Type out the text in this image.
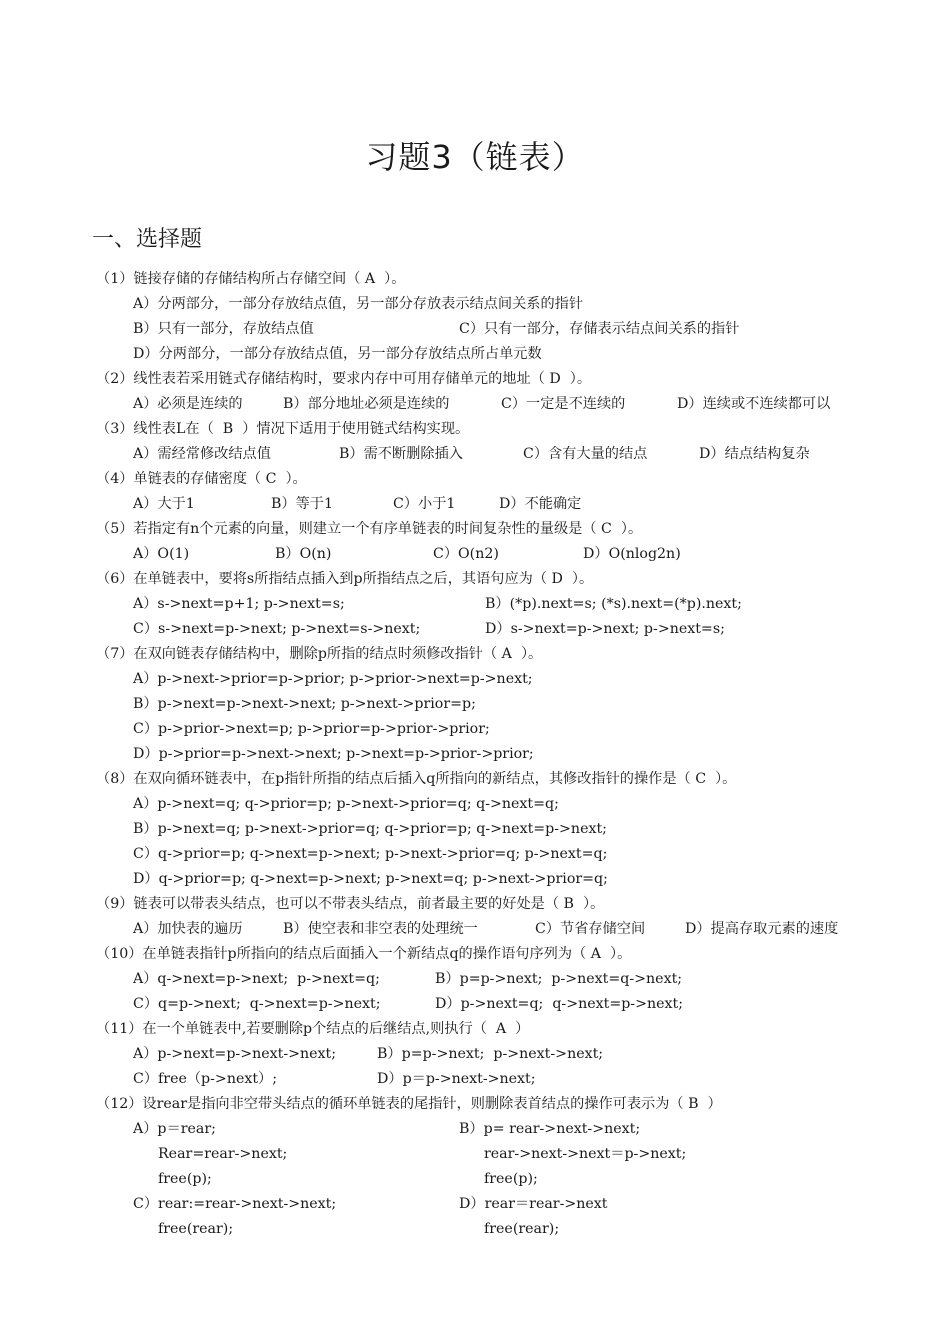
习题3（链表）
一、选择题
（1）链接存储的存储结构所占存储空间（ A  ）。
A）分两部分，一部分存放结点值，另一部分存放表示结点间关系的指针
B）只有一部分，存放结点值	C）只有一部分，存储表示结点间关系的指针
D）分两部分，一部分存放结点值，另一部分存放结点所占单元数
（2）线性表若采用链式存储结构时，要求内存中可用存储单元的地址（ D  ）。
A）必须是连续的	B）部分地址必须是连续的	C）一定是不连续的	D）连续或不连续都可以
（3）线性表L在（  B  ）情况下适用于使用链式结构实现。
A）需经常修改结点值	B）需不断删除插入	C）含有大量的结点	D）结点结构复杂
（4）单链表的存储密度（ C  ）。
A）大于1	B）等于1	C）小于1	D）不能确定
（5）若指定有n个元素的向量，则建立一个有序单链表的时间复杂性的量级是（ C  ）。
A）O(1)	B）O(n)	C）O(n2)	D）O(nlog2n)
（6）在单链表中，要将s所指结点插入到p所指结点之后，其语句应为（ D  ）。
A）s->next=p+1; p->next=s;	B）(*p).next=s; (*s).next=(*p).next;
C）s->next=p->next; p->next=s->next;	D）s->next=p->next; p->next=s;
（7）在双向链表存储结构中，删除p所指的结点时须修改指针（ A  ）。
A）p->next->prior=p->prior; p->prior->next=p->next;
B）p->next=p->next->next; p->next->prior=p;
C）p->prior->next=p; p->prior=p->prior->prior;
D）p->prior=p->next->next; p->next=p->prior->prior;
（8）在双向循环链表中，在p指针所指的结点后插入q所指向的新结点，其修改指针的操作是（ C  ）。
A）p->next=q; q->prior=p; p->next->prior=q; q->next=q;
B）p->next=q; p->next->prior=q; q->prior=p; q->next=p->next;
C）q->prior=p; q->next=p->next; p->next->prior=q; p->next=q;
D）q->prior=p; q->next=p->next; p->next=q; p->next->prior=q;
（9）链表可以带表头结点，也可以不带表头结点，前者最主要的好处是（ B  ）。
A）加快表的遍历	B）使空表和非空表的处理统一	C）节省存储空间	D）提高存取元素的速度
（10）在单链表指针p所指向的结点后面插入一个新结点q的操作语句序列为（ A  ）。
A）q->next=p->next;  p->next=q;	B）p=p->next;  p->next=q->next;
C）q=p->next;  q->next=p->next;	D）p->next=q;  q->next=p->next;
（11）在一个单链表中,若要删除p个结点的后继结点,则执行（  A  ）
A）p->next=p->next->next;	B）p=p->next;  p->next->next;
C）free（p->next）;	D）p＝p->next->next;
（12）设rear是指向非空带头结点的循环单链表的尾指针，则删除表首结点的操作可表示为（ B  ）
A）p＝rear;
Rear=rear->next;
free(p);
B）p= rear->next->next;
rear->next->next＝p->next;
free(p);

C）rear:=rear->next->next;
free(rear);
D）rear＝rear->next
free(rear);
